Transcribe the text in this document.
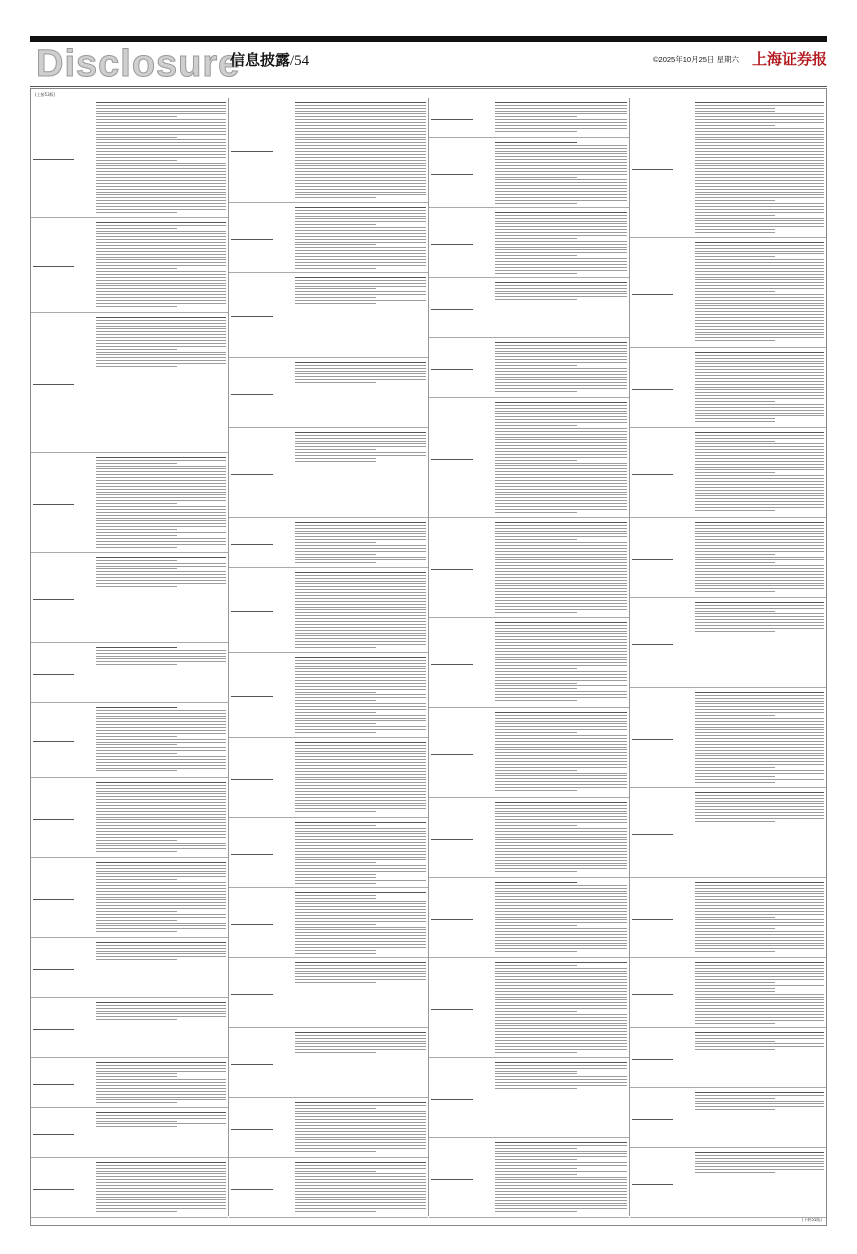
Disclosure
信息披露/54	©2025年10月25日 星期六 上海证券报
(上接53版)
(下转55版)
